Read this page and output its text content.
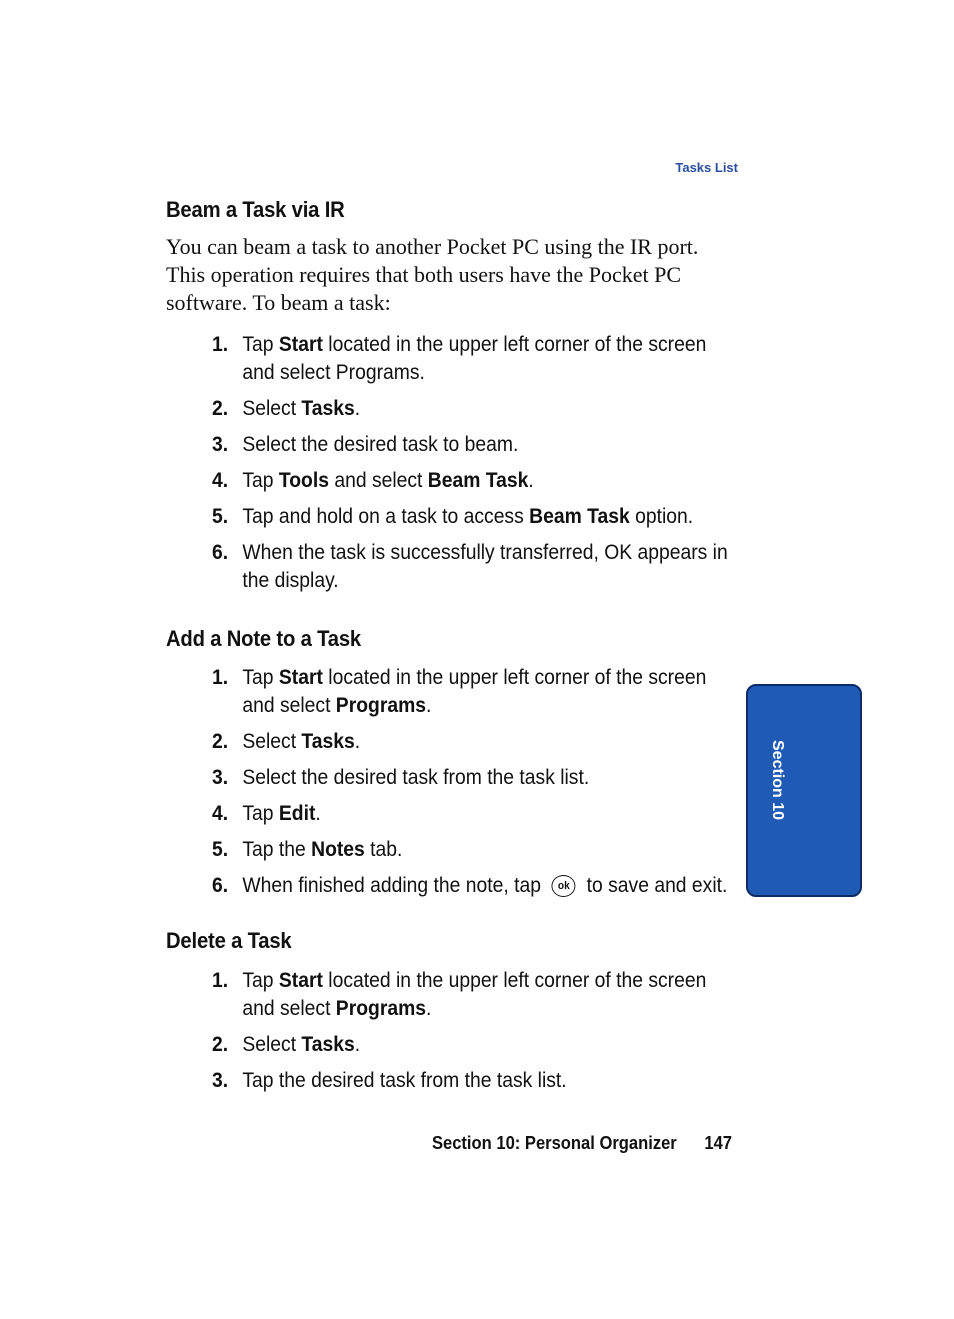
Tasks List
Beam a Task via IR

You can beam a task to another Pocket PC using the IR port. This operation requires that both users have the Pocket PC software. To beam a task:

1. Tap Start located in the upper left corner of the screen and select Programs.
2. Select Tasks.
3. Select the desired task to beam.
4. Tap Tools and select Beam Task.
5. Tap and hold on a task to access Beam Task option.
6. When the task is successfully transferred, OK appears in the display.
Add a Note to a Task
1. Tap Start located in the upper left corner of the screen and select Programs.
2. Select Tasks.
3. Select the desired task from the task list.
4. Tap Edit.
5. Tap the Notes tab.
6. When finished adding the note, tap ok to save and exit.
Delete a Task
1. Tap Start located in the upper left corner of the screen and select Programs.
2. Select Tasks.
3. Tap the desired task from the task list.
Section 10
Section 10: Personal Organizer 147
